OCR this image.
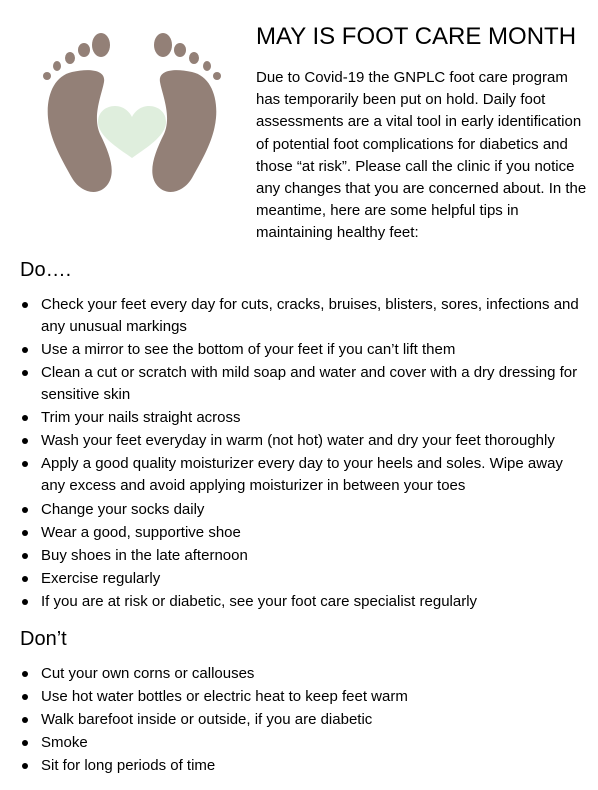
MAY IS FOOT CARE MONTH

Due to Covid-19 the GNPLC foot care program has temporarily been put on hold. Daily foot assessments are a vital tool in early identification of potential foot complications for diabetics and those “at risk”. Please call the clinic if you notice any changes that you are concerned about. In the meantime, here are some helpful tips in maintaining healthy feet:

Do….
Check your feet every day for cuts, cracks, bruises, blisters, sores, infections and any unusual markings
Use a mirror to see the bottom of your feet if you can’t lift them
Clean a cut or scratch with mild soap and water and cover with a dry dressing for sensitive skin
Trim your nails straight across
Wash your feet everyday in warm (not hot) water and dry your feet thoroughly
Apply a good quality moisturizer every day to your heels and soles. Wipe away any excess and avoid applying moisturizer in between your toes
Change your socks daily
Wear a good, supportive shoe
Buy shoes in the late afternoon
Exercise regularly
If you are at risk or diabetic, see your foot care specialist regularly
Don’t
Cut your own corns or callouses
Use hot water bottles or electric heat to keep feet warm
Walk barefoot inside or outside, if you are diabetic
Smoke
Sit for long periods of time
